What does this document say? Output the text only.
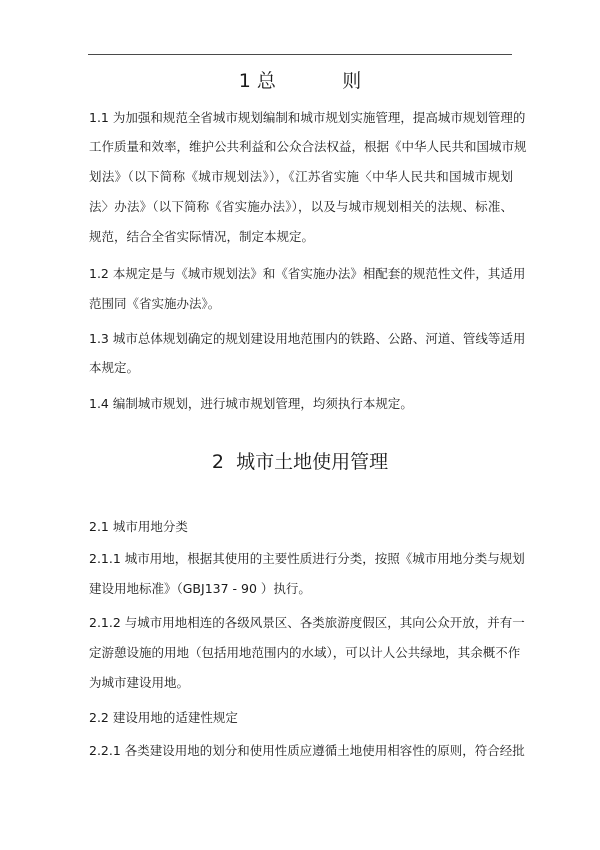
1 总           则
1.1 为加强和规范全省城市规划编制和城市规划实施管理，提高城市规划管理的
工作质量和效率，维护公共利益和公众合法权益，根据《中华人民共和国城市规
划法》（以下简称《城市规划法》），《江苏省实施〈中华人民共和国城市规划
法〉办法》（以下简称《省实施办法》），以及与城市规划相关的法规、标准、
规范，结合全省实际情况，制定本规定。
1.2 本规定是与《城市规划法》和《省实施办法》相配套的规范性文件，其适用
范围同《省实施办法》。
1.3 城市总体规划确定的规划建设用地范围内的铁路、公路、河道、管线等适用
本规定。
1.4 编制城市规划，进行城市规划管理，均须执行本规定。
2  城市土地使用管理
2.1 城市用地分类
2.1.1 城市用地，根据其使用的主要性质进行分类，按照《城市用地分类与规划
建设用地标准》（GBJ137 - 90 ）执行。
2.1.2 与城市用地相连的各级风景区、各类旅游度假区，其向公众开放，并有一
定游憩设施的用地（包括用地范围内的水域），可以计人公共绿地，其余概不作
为城市建设用地。
2.2 建设用地的适建性规定
2.2.1 各类建设用地的划分和使用性质应遵循土地使用相容性的原则，符合经批
